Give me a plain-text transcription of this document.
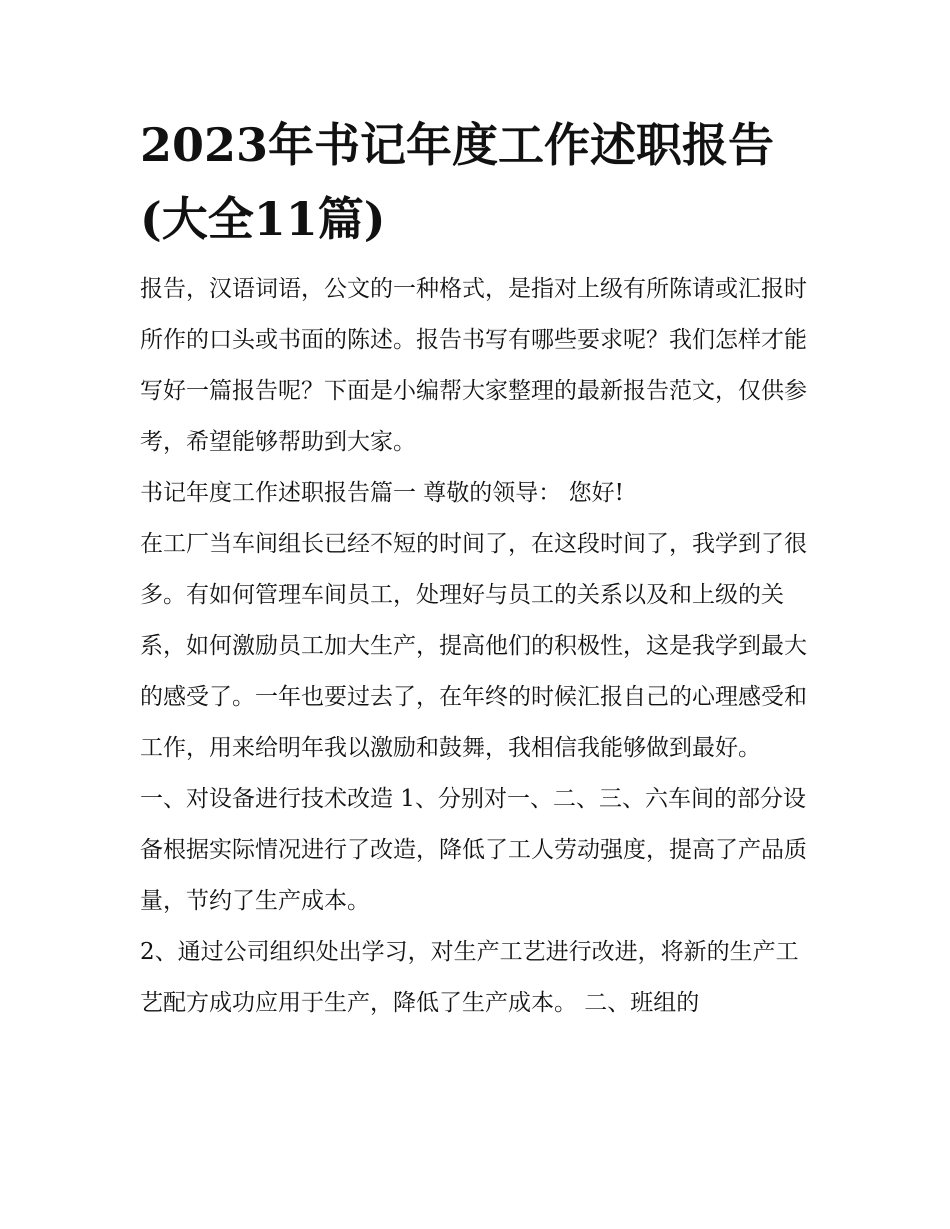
2023年书记年度工作述职报告(大全11篇)

报告，汉语词语，公文的一种格式，是指对上级有所陈请或汇报时所作的口头或书面的陈述。报告书写有哪些要求呢？我们怎样才能写好一篇报告呢？下面是小编帮大家整理的最新报告范文，仅供参考，希望能够帮助到大家。

书记年度工作述职报告篇一 尊敬的领导： 您好!

在工厂当车间组长已经不短的时间了，在这段时间了，我学到了很多。有如何管理车间员工，处理好与员工的关系以及和上级的关系，如何激励员工加大生产，提高他们的积极性，这是我学到最大的感受了。一年也要过去了，在年终的时候汇报自己的心理感受和工作，用来给明年我以激励和鼓舞，我相信我能够做到最好。

一、对设备进行技术改造 1、分别对一、二、三、六车间的部分设备根据实际情况进行了改造，降低了工人劳动强度，提高了产品质量，节约了生产成本。

2、通过公司组织处出学习，对生产工艺进行改进，将新的生产工艺配方成功应用于生产，降低了生产成本。 二、班组的
